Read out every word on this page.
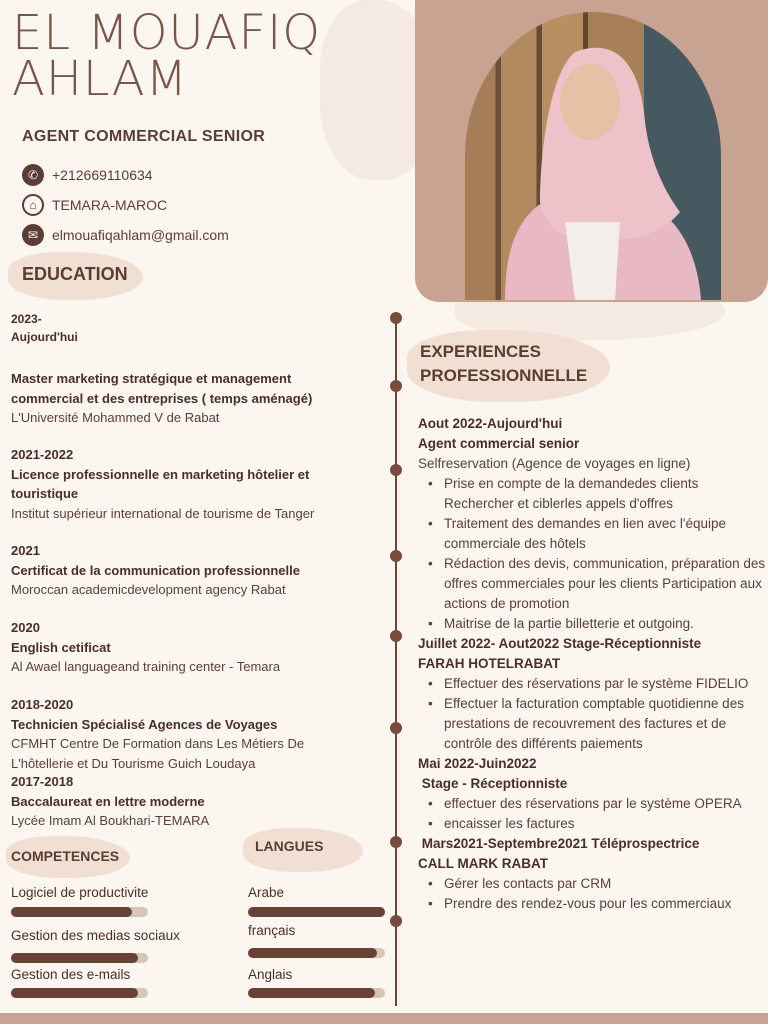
EL MOUAFIQ
AHLAM
AGENT COMMERCIAL SENIOR
✆ +212669110634
⌂	TEMARA-MAROC
✉ elmouafiqahlam@gmail.com
EDUCATION
2023-
Aujourd'hui
Master marketing stratégique et management commercial et des entreprises ( temps aménagé)
L'Université Mohammed V de Rabat
2021-2022
Licence professionnelle en marketing hôtelier et touristique
Institut supérieur international de tourisme de Tanger
2021
Certificat de la communication professionnelle
Moroccan academicdevelopment agency Rabat
2020
English cetificat
Al Awael languageand training center - Temara
2018-2020
Technicien Spécialisé Agences de Voyages
CFMHT Centre De Formation dans Les Métiers De L'hôtellerie et Du Tourisme Guich Loudaya
2017-2018
Baccalaureat en lettre moderne
Lycée Imam Al Boukhari-TEMARA
COMPETENCES
Logiciel de productivite
Gestion des medias sociaux
Gestion des e-mails
LANGUES
Arabe
français
Anglais
EXPERIENCES
PROFESSIONNELLE
Aout 2022-Aujourd'hui
Agent commercial senior
Selfreservation (Agence de voyages en ligne)
• Prise en compte de la demandedes clients Rechercher et ciblerles appels d'offres
• Traitement des demandes en lien avec l'équipe commerciale des hôtels
• Rédaction des devis, communication, préparation des offres commerciales pour les clients Participation aux actions de promotion
• Maitrise de la partie billetterie et outgoing.
Juillet 2022- Aout2022 Stage-Réceptionniste
FARAH HOTELRABAT
• Effectuer des réservations par le système FIDELIO
• Effectuer la facturation comptable quotidienne des prestations de recouvrement des factures et de contrôle des différents paiements
Mai 2022-Juin2022
Stage - Réceptionniste
• effectuer des réservations par le système OPERA
• encaisser les factures
Mars2021-Septembre2021 Téléprospectrice
CALL MARK RABAT
• Gérer les contacts par CRM
• Prendre des rendez-vous pour les commerciaux
